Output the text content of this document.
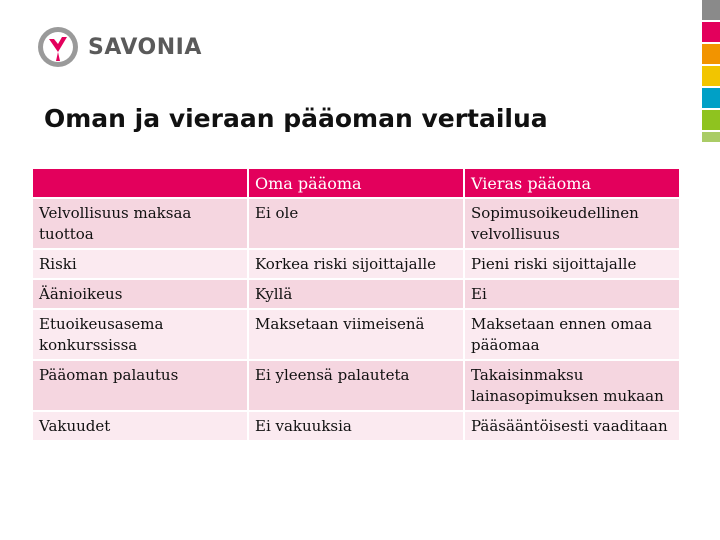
SAVONIA
Oman ja vieraan pääoman vertailua
	Oma pääoma	Vieras pääoma
Velvollisuus maksaa tuottoa	Ei ole	Sopimusoikeudellinen velvollisuus
Riski	Korkea riski sijoittajalle	Pieni riski sijoittajalle
Äänioikeus	Kyllä	Ei
Etuoikeusasema konkurssissa	Maksetaan viimeisenä	Maksetaan ennen omaa pääomaa
Pääoman palautus	Ei yleensä palauteta	Takaisinmaksu lainasopimuksen mukaan
Vakuudet	Ei vakuuksia	Pääsääntöisesti vaaditaan
